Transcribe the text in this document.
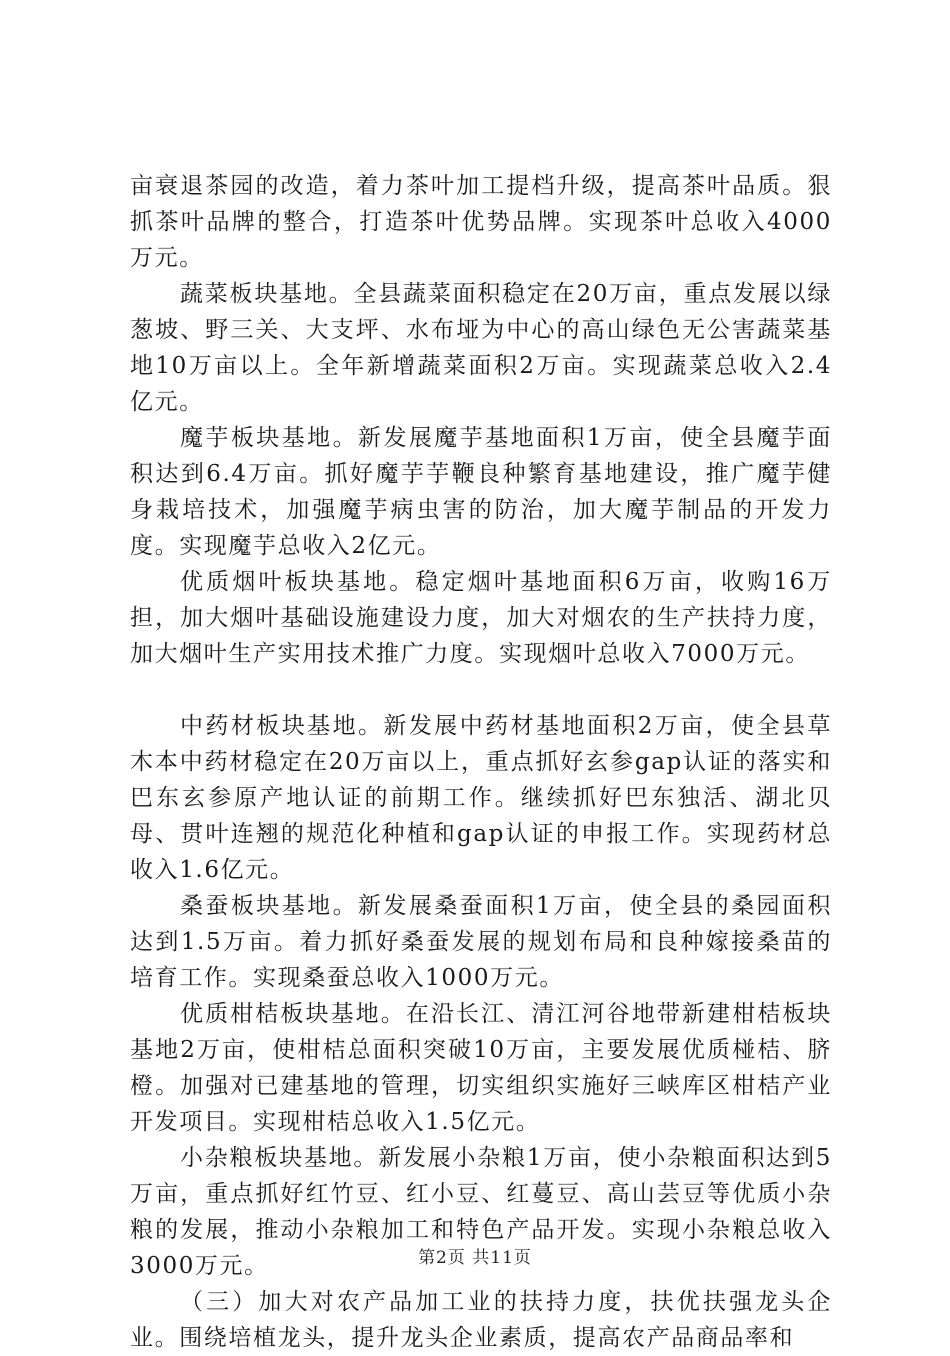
亩衰退茶园的改造，着力茶叶加工提档升级，提高茶叶品质。狠抓茶叶品牌的整合，打造茶叶优势品牌。实现茶叶总收入4000万元。

蔬菜板块基地。全县蔬菜面积稳定在20万亩，重点发展以绿葱坡、野三关、大支坪、水布垭为中心的高山绿色无公害蔬菜基地10万亩以上。全年新增蔬菜面积2万亩。实现蔬菜总收入2.4亿元。

魔芋板块基地。新发展魔芋基地面积1万亩，使全县魔芋面积达到6.4万亩。抓好魔芋芋鞭良种繁育基地建设，推广魔芋健身栽培技术，加强魔芋病虫害的防治，加大魔芋制品的开发力度。实现魔芋总收入2亿元。

优质烟叶板块基地。稳定烟叶基地面积6万亩，收购16万担，加大烟叶基础设施建设力度，加大对烟农的生产扶持力度，加大烟叶生产实用技术推广力度。实现烟叶总收入7000万元。

中药材板块基地。新发展中药材基地面积2万亩，使全县草木本中药材稳定在20万亩以上，重点抓好玄参gap认证的落实和巴东玄参原产地认证的前期工作。继续抓好巴东独活、湖北贝母、贯叶连翘的规范化种植和gap认证的申报工作。实现药材总收入1.6亿元。

桑蚕板块基地。新发展桑蚕面积1万亩，使全县的桑园面积达到1.5万亩。着力抓好桑蚕发展的规划布局和良种嫁接桑苗的培育工作。实现桑蚕总收入1000万元。

优质柑桔板块基地。在沿长江、清江河谷地带新建柑桔板块基地2万亩，使柑桔总面积突破10万亩，主要发展优质椪桔、脐橙。加强对已建基地的管理，切实组织实施好三峡库区柑桔产业开发项目。实现柑桔总收入1.5亿元。

小杂粮板块基地。新发展小杂粮1万亩，使小杂粮面积达到5万亩，重点抓好红竹豆、红小豆、红蔓豆、高山芸豆等优质小杂粮的发展，推动小杂粮加工和特色产品开发。实现小杂粮总收入3000万元。

（三）加大对农产品加工业的扶持力度，扶优扶强龙头企业。围绕培植龙头，提升龙头企业素质，提高农产品商品率和

第2页 共11页
